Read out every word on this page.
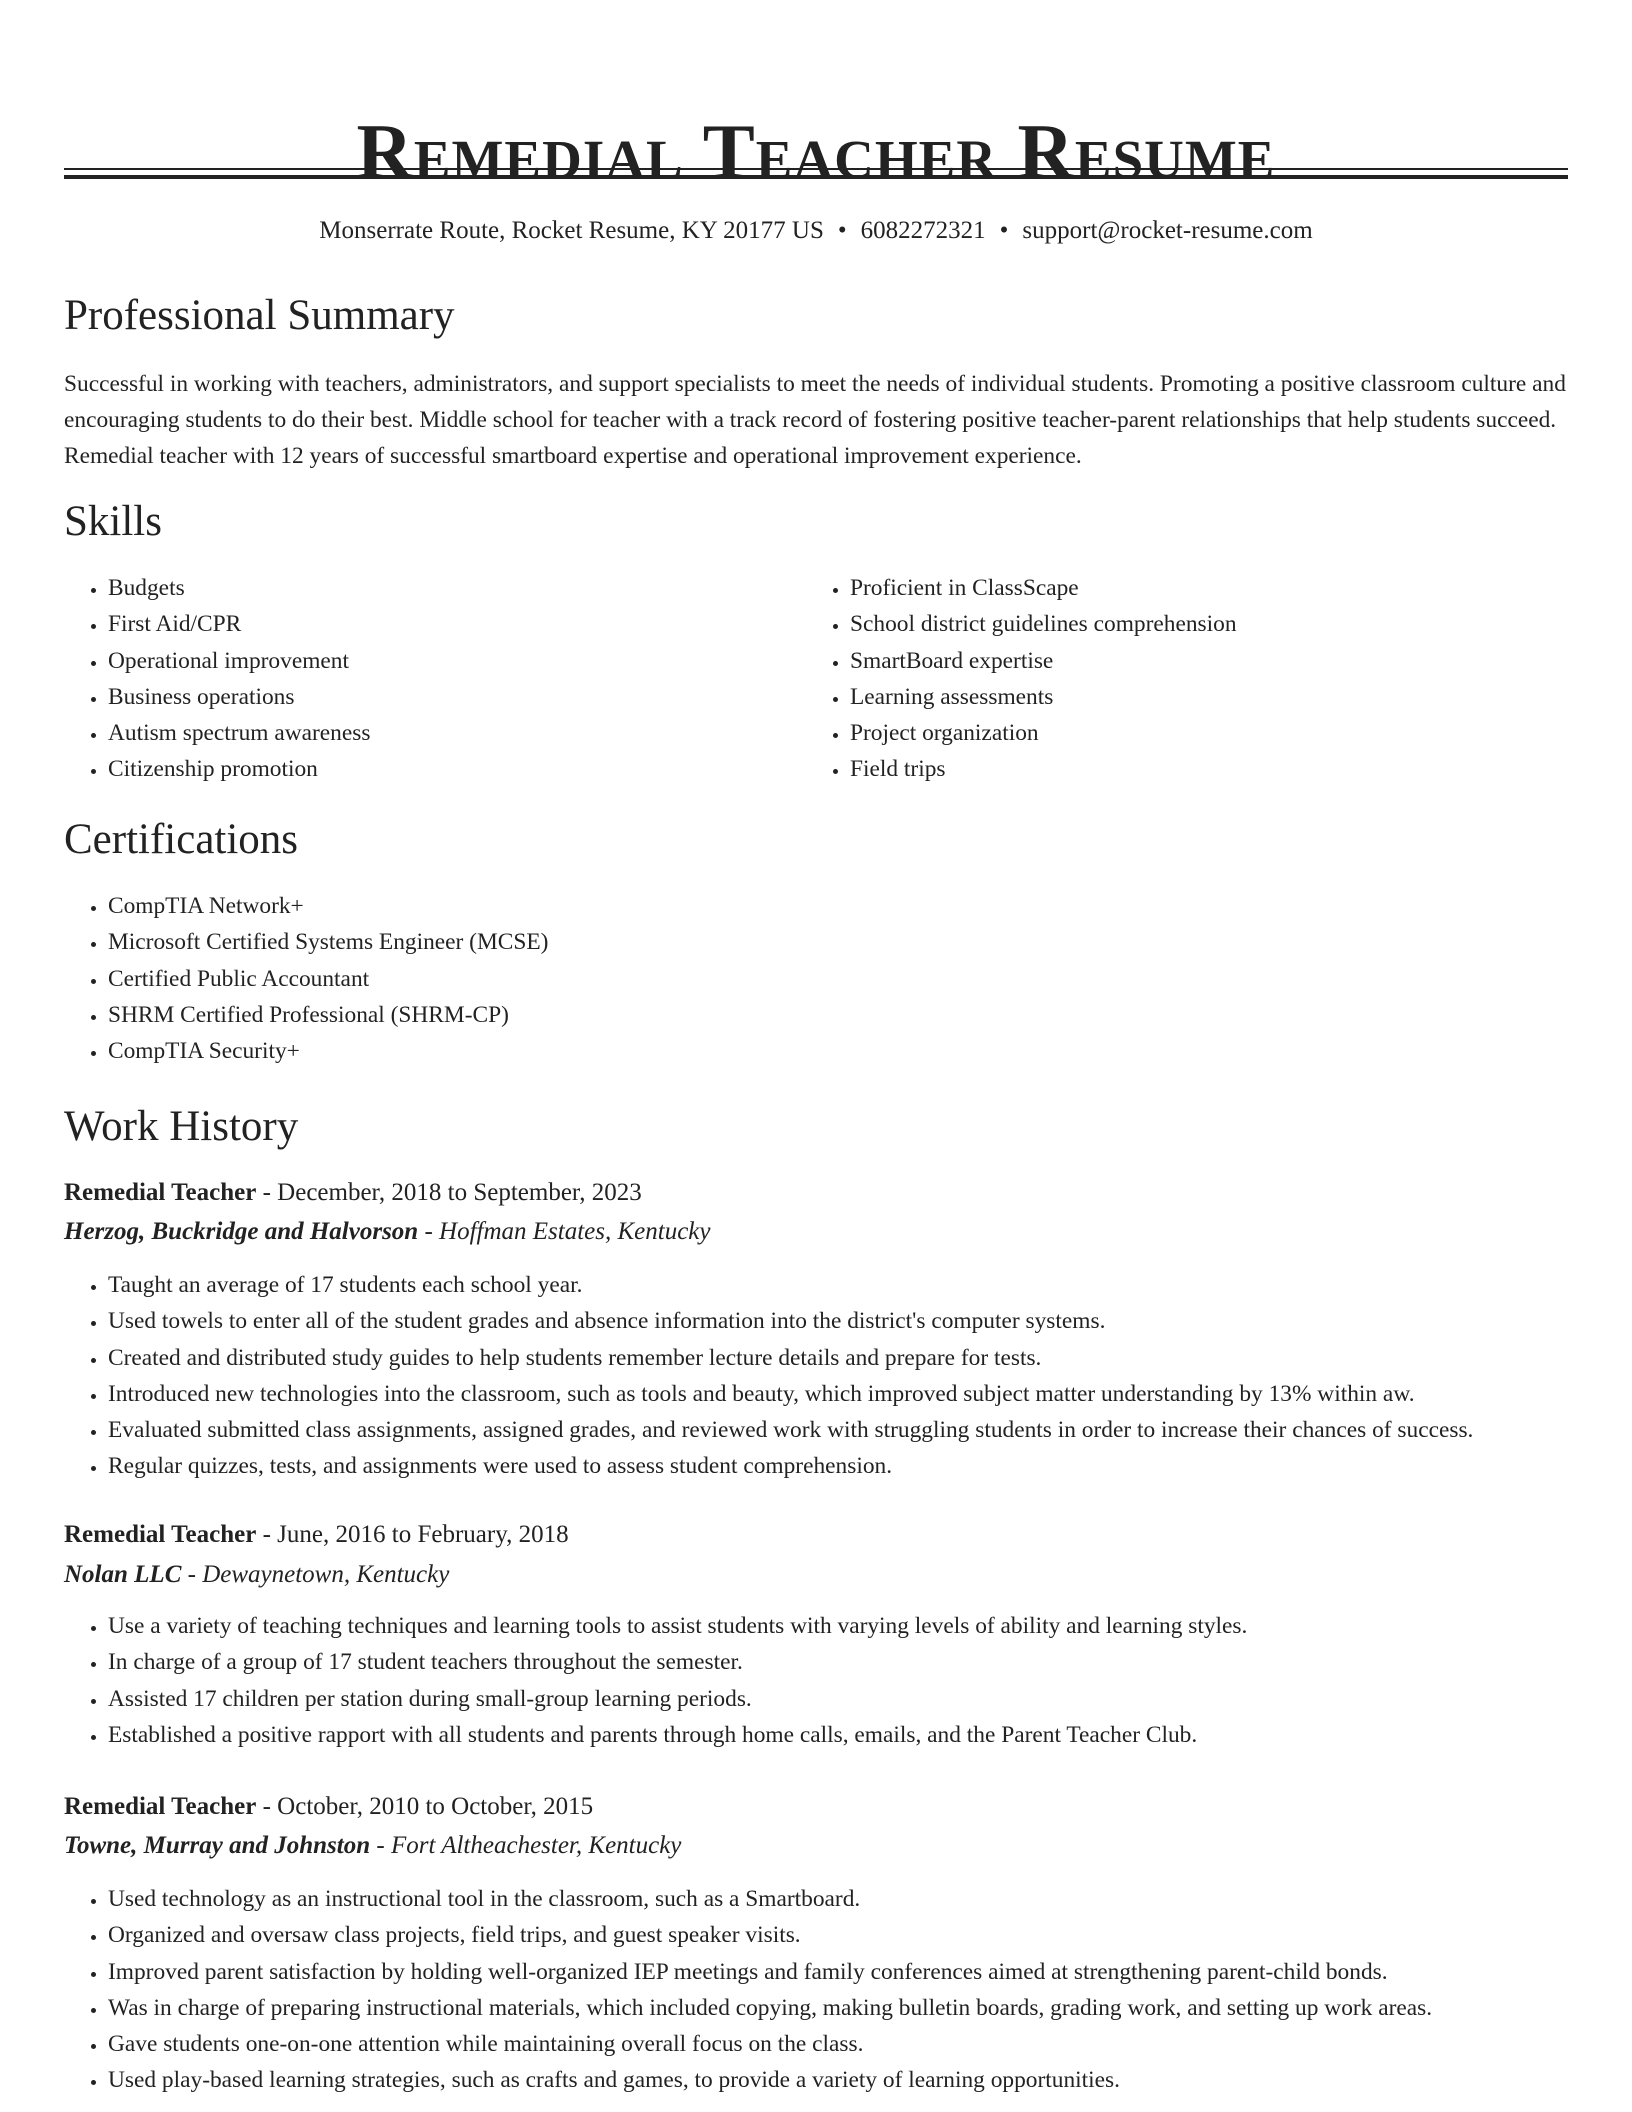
Remedial Teacher Resume
Monserrate Route, Rocket Resume, KY 20177 US • 6082272321 • support@rocket-resume.com
Professional Summary

Successful in working with teachers, administrators, and support specialists to meet the needs of individual students. Promoting a positive classroom culture and encouraging students to do their best. Middle school for teacher with a track record of fostering positive teacher-parent relationships that help students succeed. Remedial teacher with 12 years of successful smartboard expertise and operational improvement experience.

Skills
• Budgets
• First Aid/CPR
• Operational improvement
• Business operations
• Autism spectrum awareness
• Citizenship promotion
• Proficient in ClassScape
• School district guidelines comprehension
• SmartBoard expertise
• Learning assessments
• Project organization
• Field trips
Certifications
• CompTIA Network+
• Microsoft Certified Systems Engineer (MCSE)
• Certified Public Accountant
• SHRM Certified Professional (SHRM-CP)
• CompTIA Security+
Work History
Remedial Teacher - December, 2018 to September, 2023
Herzog, Buckridge and Halvorson - Hoffman Estates, Kentucky
• Taught an average of 17 students each school year.
• Used towels to enter all of the student grades and absence information into the district's computer systems.
• Created and distributed study guides to help students remember lecture details and prepare for tests.
• Introduced new technologies into the classroom, such as tools and beauty, which improved subject matter understanding by 13% within aw.
• Evaluated submitted class assignments, assigned grades, and reviewed work with struggling students in order to increase their chances of success.
• Regular quizzes, tests, and assignments were used to assess student comprehension.
Remedial Teacher - June, 2016 to February, 2018
Nolan LLC - Dewaynetown, Kentucky
• Use a variety of teaching techniques and learning tools to assist students with varying levels of ability and learning styles.
• In charge of a group of 17 student teachers throughout the semester.
• Assisted 17 children per station during small-group learning periods.
• Established a positive rapport with all students and parents through home calls, emails, and the Parent Teacher Club.
Remedial Teacher - October, 2010 to October, 2015
Towne, Murray and Johnston - Fort Altheachester, Kentucky
• Used technology as an instructional tool in the classroom, such as a Smartboard.
• Organized and oversaw class projects, field trips, and guest speaker visits.
• Improved parent satisfaction by holding well-organized IEP meetings and family conferences aimed at strengthening parent-child bonds.
• Was in charge of preparing instructional materials, which included copying, making bulletin boards, grading work, and setting up work areas.
• Gave students one-on-one attention while maintaining overall focus on the class.
• Used play-based learning strategies, such as crafts and games, to provide a variety of learning opportunities.
